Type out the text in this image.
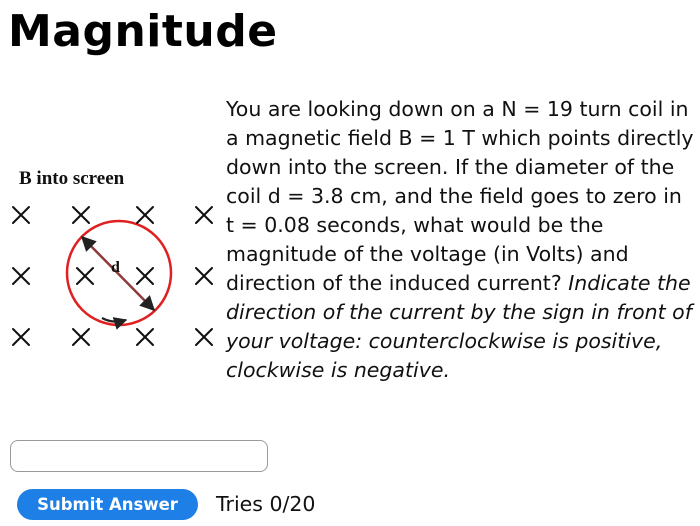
Magnitude
B into screen
d

You are looking down on a N = 19 turn coil in a magnetic field B = 1 T which points directly down into the screen. If the diameter of the coil d = 3.8 cm, and the field goes to zero in t = 0.08 seconds, what would be the magnitude of the voltage (in Volts) and direction of the induced current? Indicate the direction of the current by the sign in front of your voltage: counterclockwise is positive, clockwise is negative.

Submit Answer	Tries 0/20
